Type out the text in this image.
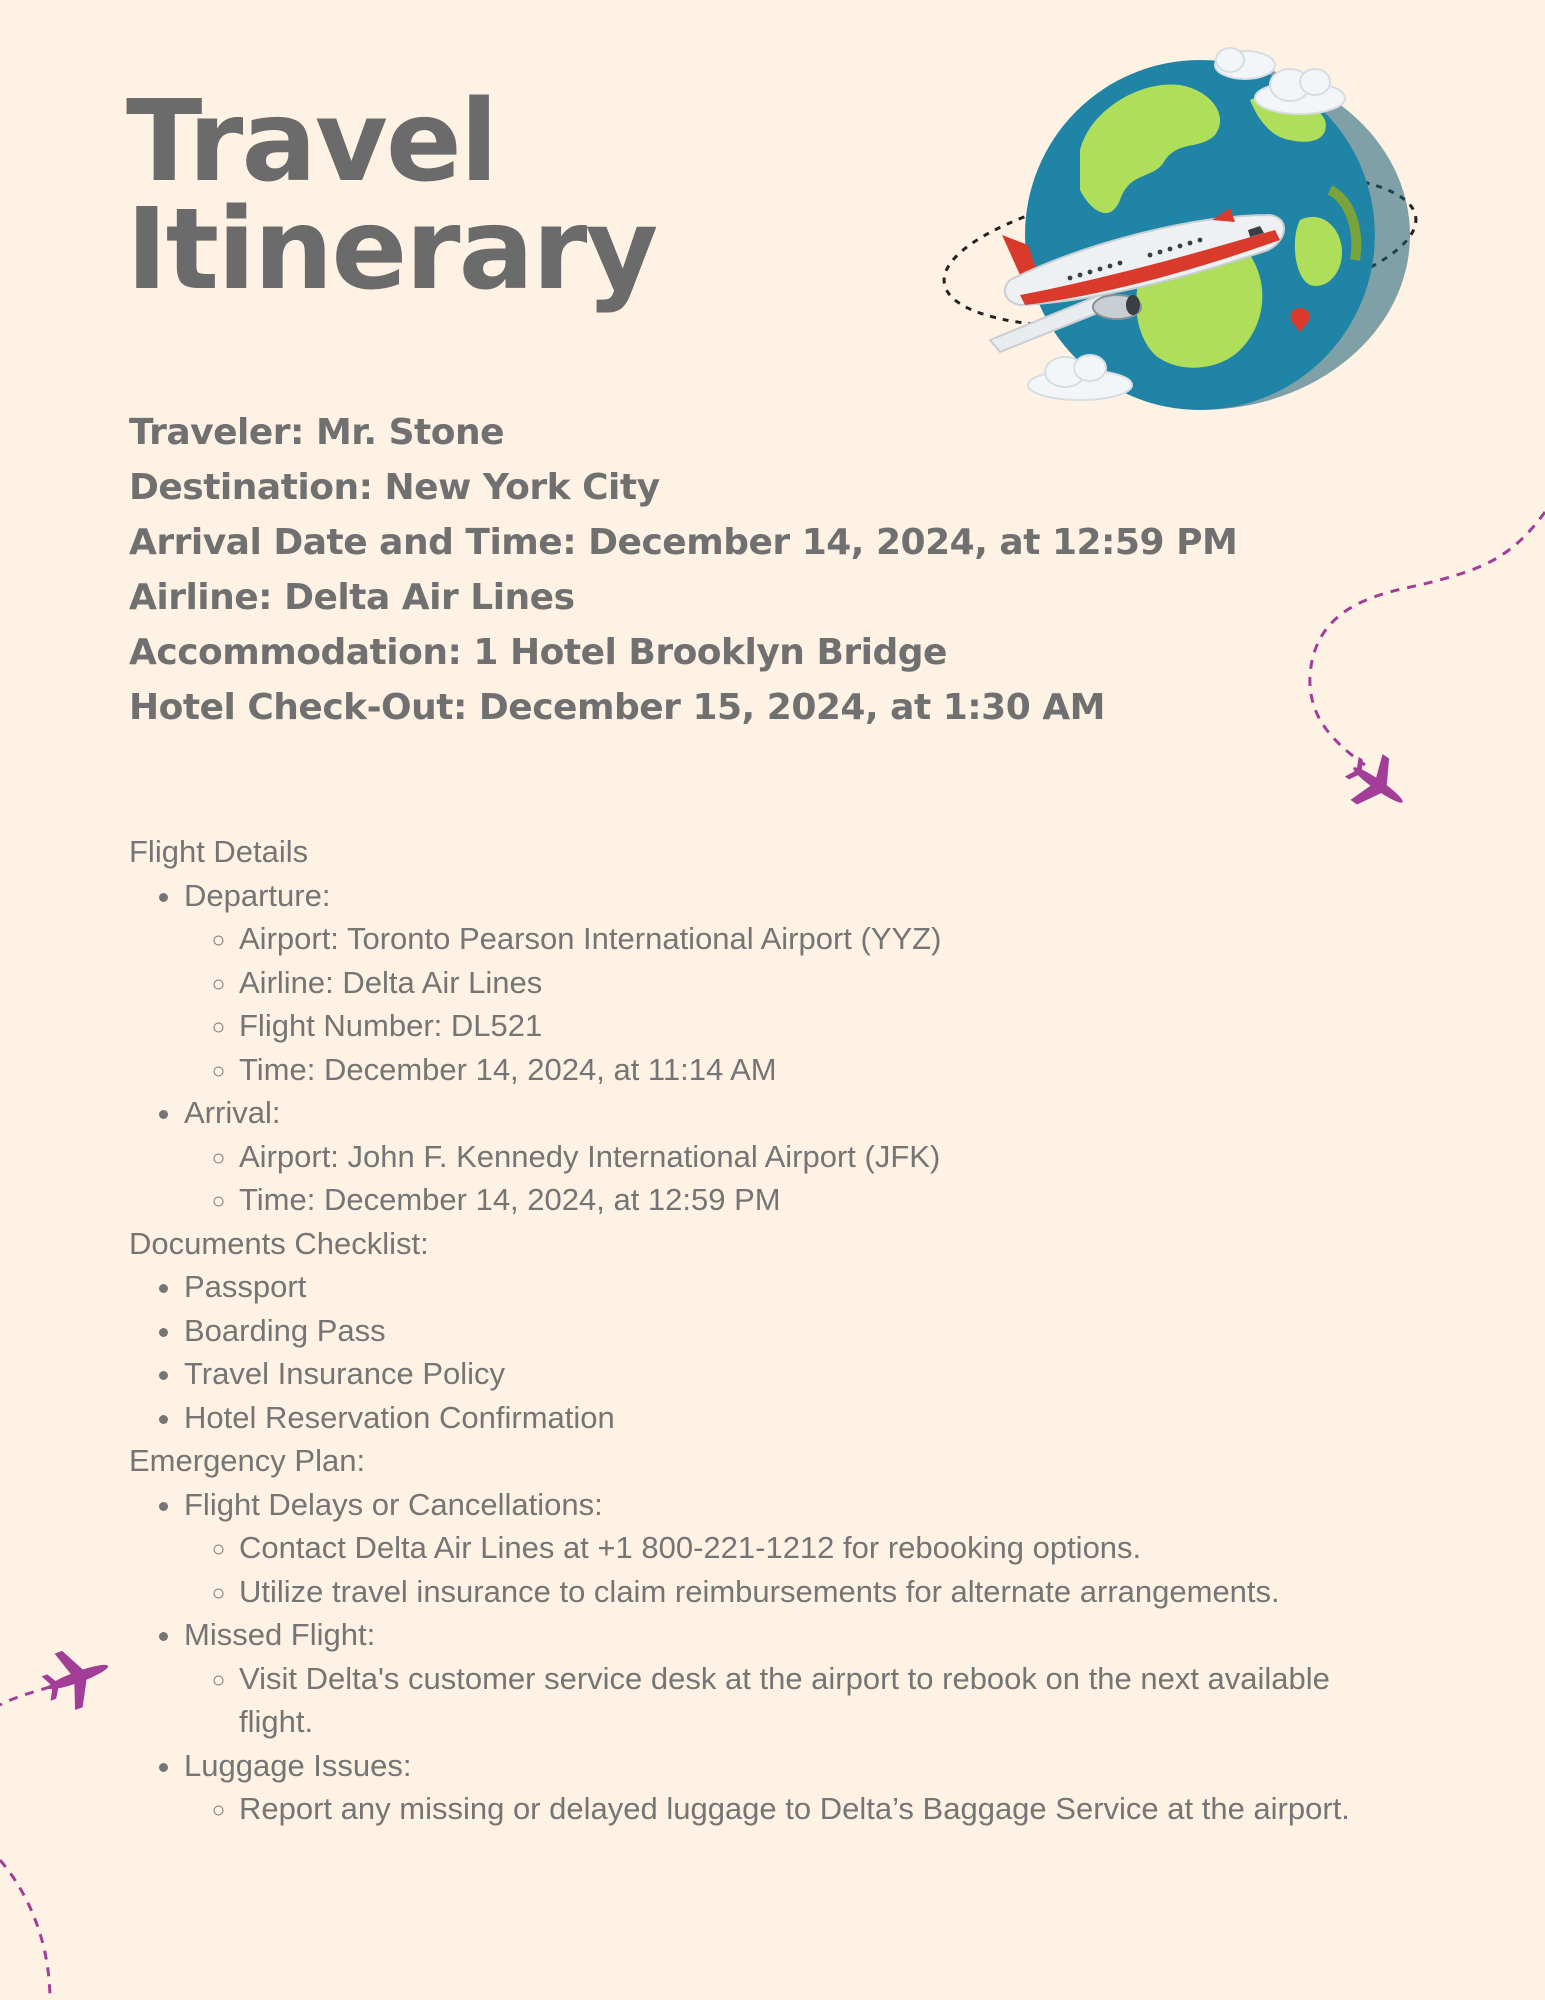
Travel
Itinerary
Traveler: Mr. Stone
Destination: New York City
Arrival Date and Time: December 14, 2024, at 12:59 PM
Airline: Delta Air Lines
Accommodation: 1 Hotel Brooklyn Bridge
Hotel Check-Out: December 15, 2024, at 1:30 AM
Flight Details
• Departure:
◦ Airport: Toronto Pearson International Airport (YYZ)
◦ Airline: Delta Air Lines
◦ Flight Number: DL521
◦ Time: December 14, 2024, at 11:14 AM
• Arrival:
◦ Airport: John F. Kennedy International Airport (JFK)
◦ Time: December 14, 2024, at 12:59 PM
Documents Checklist:
• Passport
• Boarding Pass
• Travel Insurance Policy
• Hotel Reservation Confirmation
Emergency Plan:
• Flight Delays or Cancellations:
◦ Contact Delta Air Lines at +1 800-221-1212 for rebooking options.
◦ Utilize travel insurance to claim reimbursements for alternate arrangements.
• Missed Flight:
◦ Visit Delta's customer service desk at the airport to rebook on the next available flight.
• Luggage Issues:
◦ Report any missing or delayed luggage to Delta’s Baggage Service at the airport.
